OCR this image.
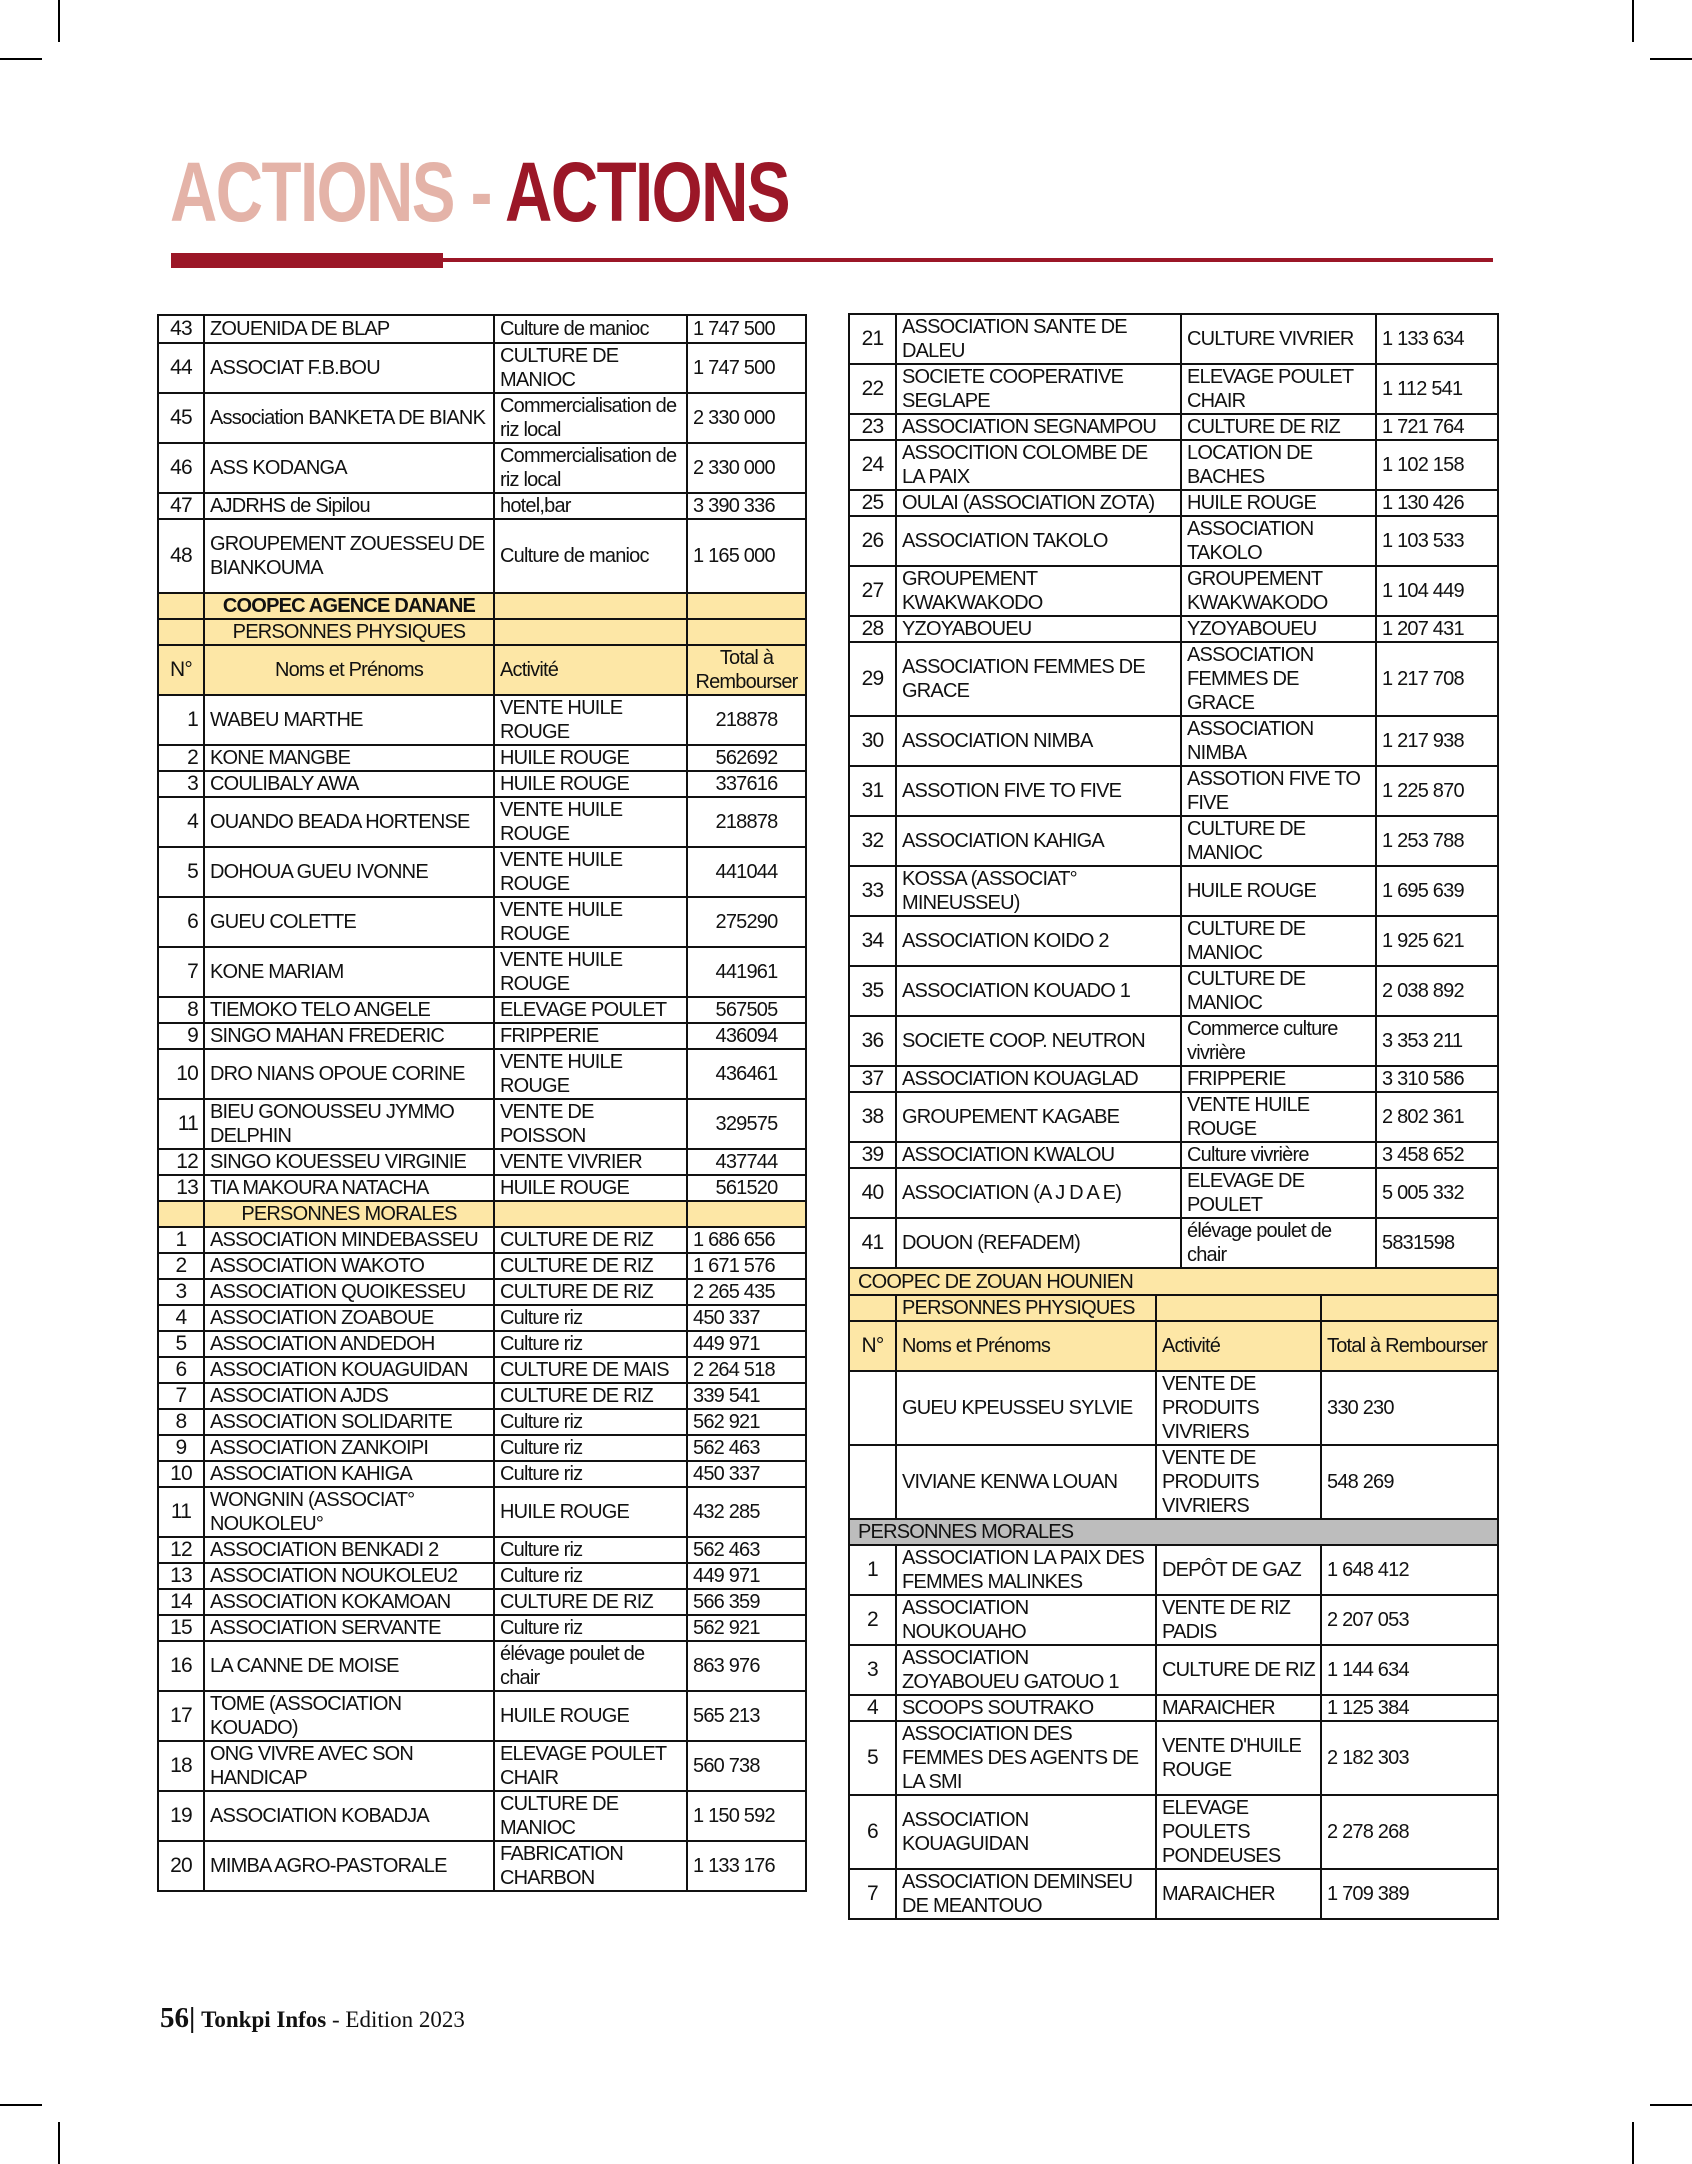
ACTIONS - ACTIONS
43	ZOUENIDA DE BLAP	Culture de manioc	1 747 500
44	ASSOCIAT F.B.BOU	CULTURE DE MANIOC	1 747 500
45	Association BANKETA DE BIANK	Commercialisation de riz local	2 330 000
46	ASS KODANGA	Commercialisation de riz local	2 330 000
47	AJDRHS de Sipilou	hotel,bar	3 390 336
48	GROUPEMENT ZOUESSEU DE BIANKOUMA	Culture de manioc	1 165 000
	COOPEC AGENCE DANANE		
	PERSONNES PHYSIQUES		
N°	Noms et Prénoms	Activité	Total à Rembourser
1	WABEU MARTHE	VENTE HUILE ROUGE	218878
2	KONE MANGBE	HUILE ROUGE	562692
3	COULIBALY AWA	HUILE ROUGE	337616
4	OUANDO BEADA HORTENSE	VENTE HUILE ROUGE	218878
5	DOHOUA GUEU IVONNE	VENTE HUILE ROUGE	441044
6	GUEU COLETTE	VENTE HUILE ROUGE	275290
7	KONE MARIAM	VENTE HUILE ROUGE	441961
8	TIEMOKO TELO ANGELE	ELEVAGE POULET	567505
9	SINGO MAHAN FREDERIC	FRIPPERIE	436094
10	DRO NIANS OPOUE CORINE	VENTE HUILE ROUGE	436461
11	BIEU GONOUSSEU JYMMO DELPHIN	VENTE DE POISSON	329575
12	SINGO KOUESSEU VIRGINIE	VENTE VIVRIER	437744
13	TIA MAKOURA NATACHA	HUILE ROUGE	561520
	PERSONNES MORALES		
1	ASSOCIATION MINDEBASSEU	CULTURE DE RIZ	1 686 656
2	ASSOCIATION WAKOTO	CULTURE DE RIZ	1 671 576
3	ASSOCIATION QUOIKESSEU	CULTURE DE RIZ	2 265 435
4	ASSOCIATION ZOABOUE	Culture riz	450 337
5	ASSOCIATION ANDEDOH	Culture riz	449 971
6	ASSOCIATION KOUAGUIDAN	CULTURE DE MAIS	2 264 518
7	ASSOCIATION AJDS	CULTURE DE RIZ	339 541
8	ASSOCIATION SOLIDARITE	Culture riz	562 921
9	ASSOCIATION ZANKOIPI	Culture riz	562 463
10	ASSOCIATION KAHIGA	Culture riz	450 337
11	WONGNIN (ASSOCIAT° NOUKOLEU°	HUILE ROUGE	432 285
12	ASSOCIATION BENKADI 2	Culture riz	562 463
13	ASSOCIATION NOUKOLEU2	Culture riz	449 971
14	ASSOCIATION KOKAMOAN	CULTURE DE RIZ	566 359
15	ASSOCIATION SERVANTE	Culture riz	562 921
16	LA CANNE DE MOISE	élévage poulet de chair	863 976
17	TOME (ASSOCIATION KOUADO)	HUILE ROUGE	565 213
18	ONG VIVRE AVEC SON HANDICAP	ELEVAGE POULET CHAIR	560 738
19	ASSOCIATION KOBADJA	CULTURE DE MANIOC	1 150 592
20	MIMBA AGRO-PASTORALE	FABRICATION CHARBON	1 133 176
21	ASSOCIATION SANTE DE DALEU	CULTURE VIVRIER	1 133 634
22	SOCIETE COOPERATIVE SEGLAPE	ELEVAGE POULET CHAIR	1 112 541
23	ASSOCIATION SEGNAMPOU	CULTURE DE RIZ	1 721 764
24	ASSOCITION COLOMBE DE LA PAIX	LOCATION DE BACHES	1 102 158
25	OULAI (ASSOCIATION ZOTA)	HUILE ROUGE	1 130 426
26	ASSOCIATION TAKOLO	ASSOCIATION TAKOLO	1 103 533
27	GROUPEMENT KWAKWAKODO	GROUPEMENT KWAKWAKODO	1 104 449
28	YZOYABOUEU	YZOYABOUEU	1 207 431
29	ASSOCIATION FEMMES DE GRACE	ASSOCIATION FEMMES DE GRACE	1 217 708
30	ASSOCIATION NIMBA	ASSOCIATION NIMBA	1 217 938
31	ASSOTION FIVE TO FIVE	ASSOTION FIVE TO FIVE	1 225 870
32	ASSOCIATION KAHIGA	CULTURE DE MANIOC	1 253 788
33	KOSSA (ASSOCIAT° MINEUSSEU)	HUILE ROUGE	1 695 639
34	ASSOCIATION KOIDO 2	CULTURE DE MANIOC	1 925 621
35	ASSOCIATION KOUADO 1	CULTURE DE MANIOC	2 038 892
36	SOCIETE COOP. NEUTRON	Commerce culture vivrière	3 353 211
37	ASSOCIATION KOUAGLAD	FRIPPERIE	3 310 586
38	GROUPEMENT KAGABE	VENTE HUILE ROUGE	2 802 361
39	ASSOCIATION KWALOU	Culture vivrière	3 458 652
40	ASSOCIATION (A J D A E)	ELEVAGE DE POULET	5 005 332
41	DOUON (REFADEM)	élévage poulet de chair	5831598
COOPEC DE ZOUAN HOUNIEN			
	PERSONNES PHYSIQUES		
N°	Noms et Prénoms	Activité	Total à Rembourser
	GUEU KPEUSSEU SYLVIE	VENTE DE PRODUITS VIVRIERS	330 230
	VIVIANE KENWA LOUAN	VENTE DE PRODUITS VIVRIERS	548 269
PERSONNES MORALES			
1	ASSOCIATION LA PAIX DES FEMMES MALINKES	DEPÔT DE GAZ	1 648 412
2	ASSOCIATION NOUKOUAHO	VENTE DE RIZ PADIS	2 207 053
3	ASSOCIATION ZOYABOUEU GATOUO 1	CULTURE DE RIZ	1 144 634
4	SCOOPS SOUTRAKO	MARAICHER	1 125 384
5	ASSOCIATION DES FEMMES DES AGENTS DE LA SMI	VENTE D'HUILE ROUGE	2 182 303
6	ASSOCIATION KOUAGUIDAN	ELEVAGE POULETS PONDEUSES	2 278 268
7	ASSOCIATION DEMINSEU DE MEANTOUO	MARAICHER	1 709 389
56| Tonkpi Infos - Edition 2023
